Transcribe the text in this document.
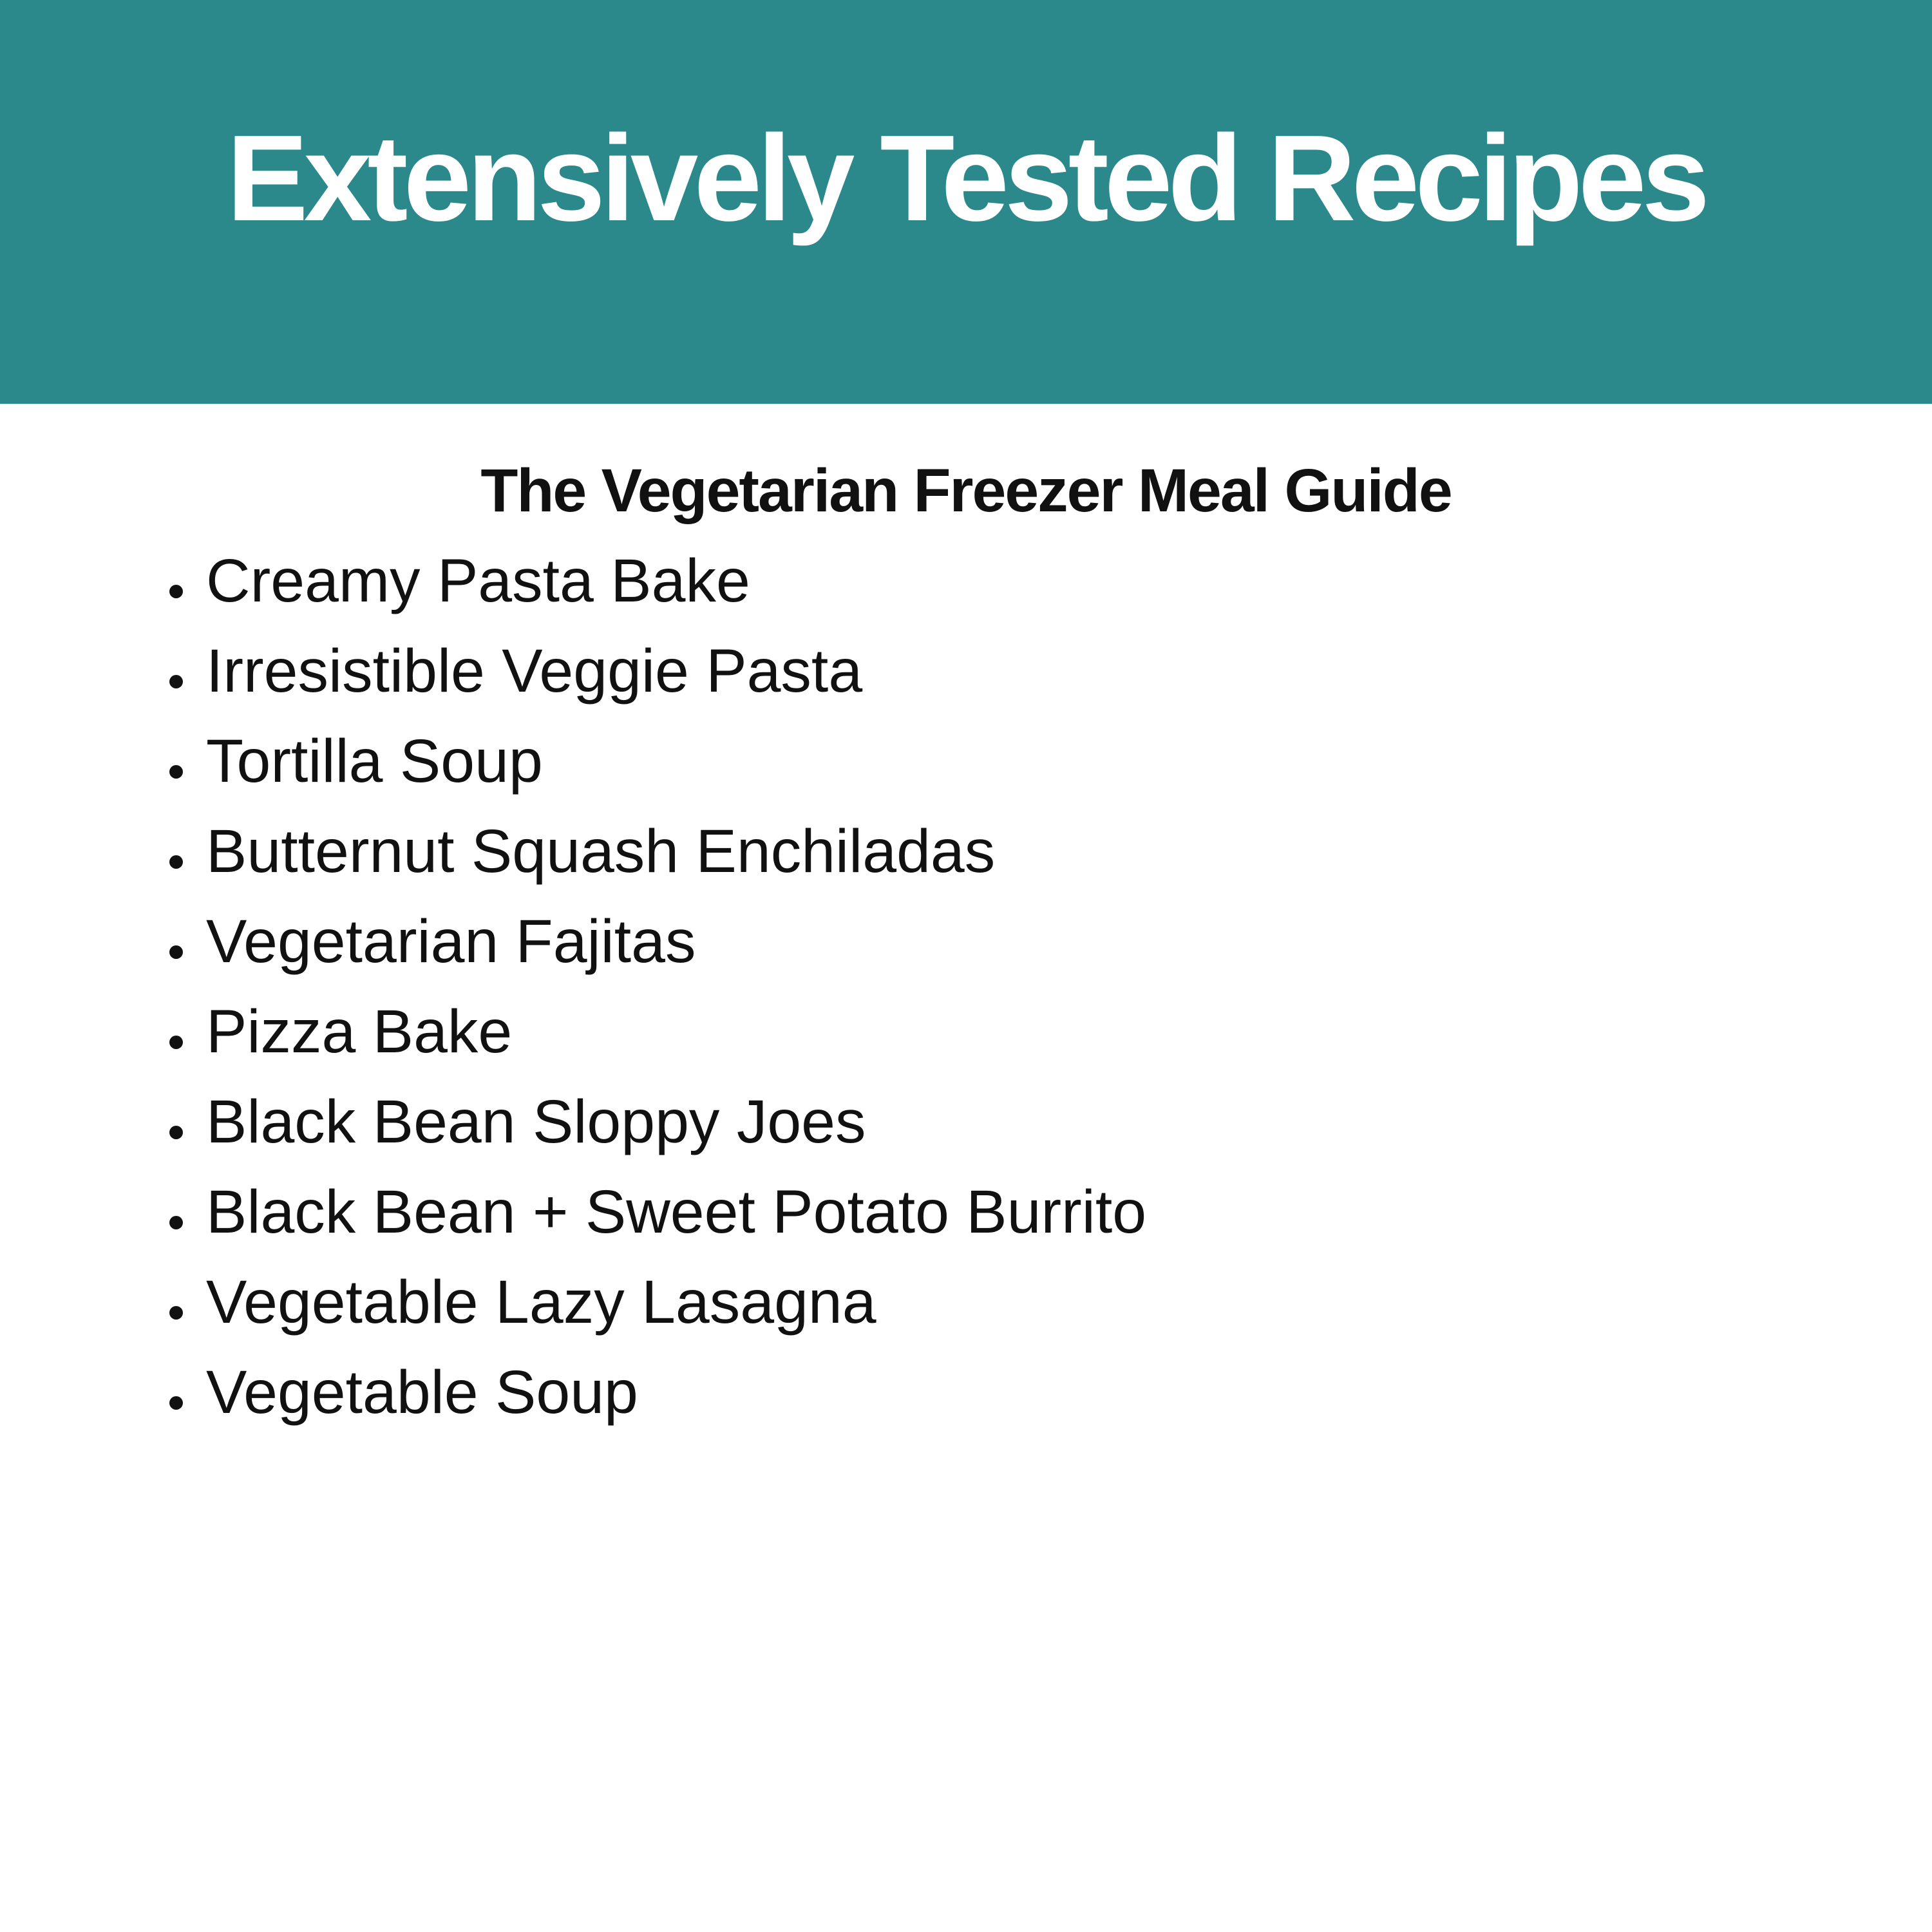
Extensively Tested Recipes
The Vegetarian Freezer Meal Guide
Creamy Pasta Bake
Irresistible Veggie Pasta
Tortilla Soup
Butternut Squash Enchiladas
Vegetarian Fajitas
Pizza Bake
Black Bean Sloppy Joes
Black Bean + Sweet Potato Burrito
Vegetable Lazy Lasagna
Vegetable Soup
